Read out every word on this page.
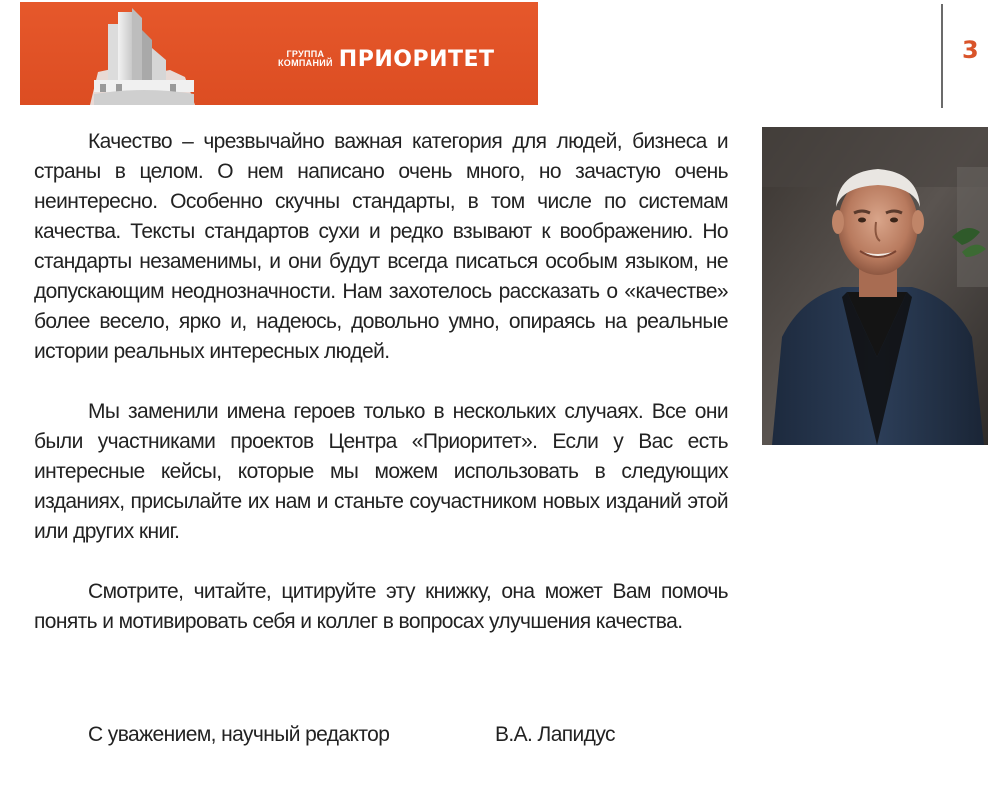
ГРУППА
КОМПАНИЙ ПРИОРИТЕТ	3

Качество – чрезвычайно важная категория для людей, бизнеса и страны в целом. О нем написано очень много, но зачастую очень неинтересно. Особенно скучны стандарты, в том числе по системам качества. Тексты стандартов сухи и редко взывают к воображению. Но стандарты незаменимы, и они будут всегда писаться особым языком, не допускающим неоднозначности. Нам захотелось рассказать о «качестве» более весело, ярко и, надеюсь, довольно умно, опираясь на реальные истории реальных интересных людей.

Мы заменили имена героев только в нескольких случаях. Все они были участниками проектов Центра «Приоритет». Если у Вас есть интересные кейсы, которые мы можем использовать в следующих изданиях, присылайте их нам и станьте соучастником новых изданий этой или других книг.

Смотрите, читайте, цитируйте эту книжку, она может Вам помочь понять и мотивировать себя и коллег в вопросах улучшения качества.

С уважением, научный редактор	В.А. Лапидус
